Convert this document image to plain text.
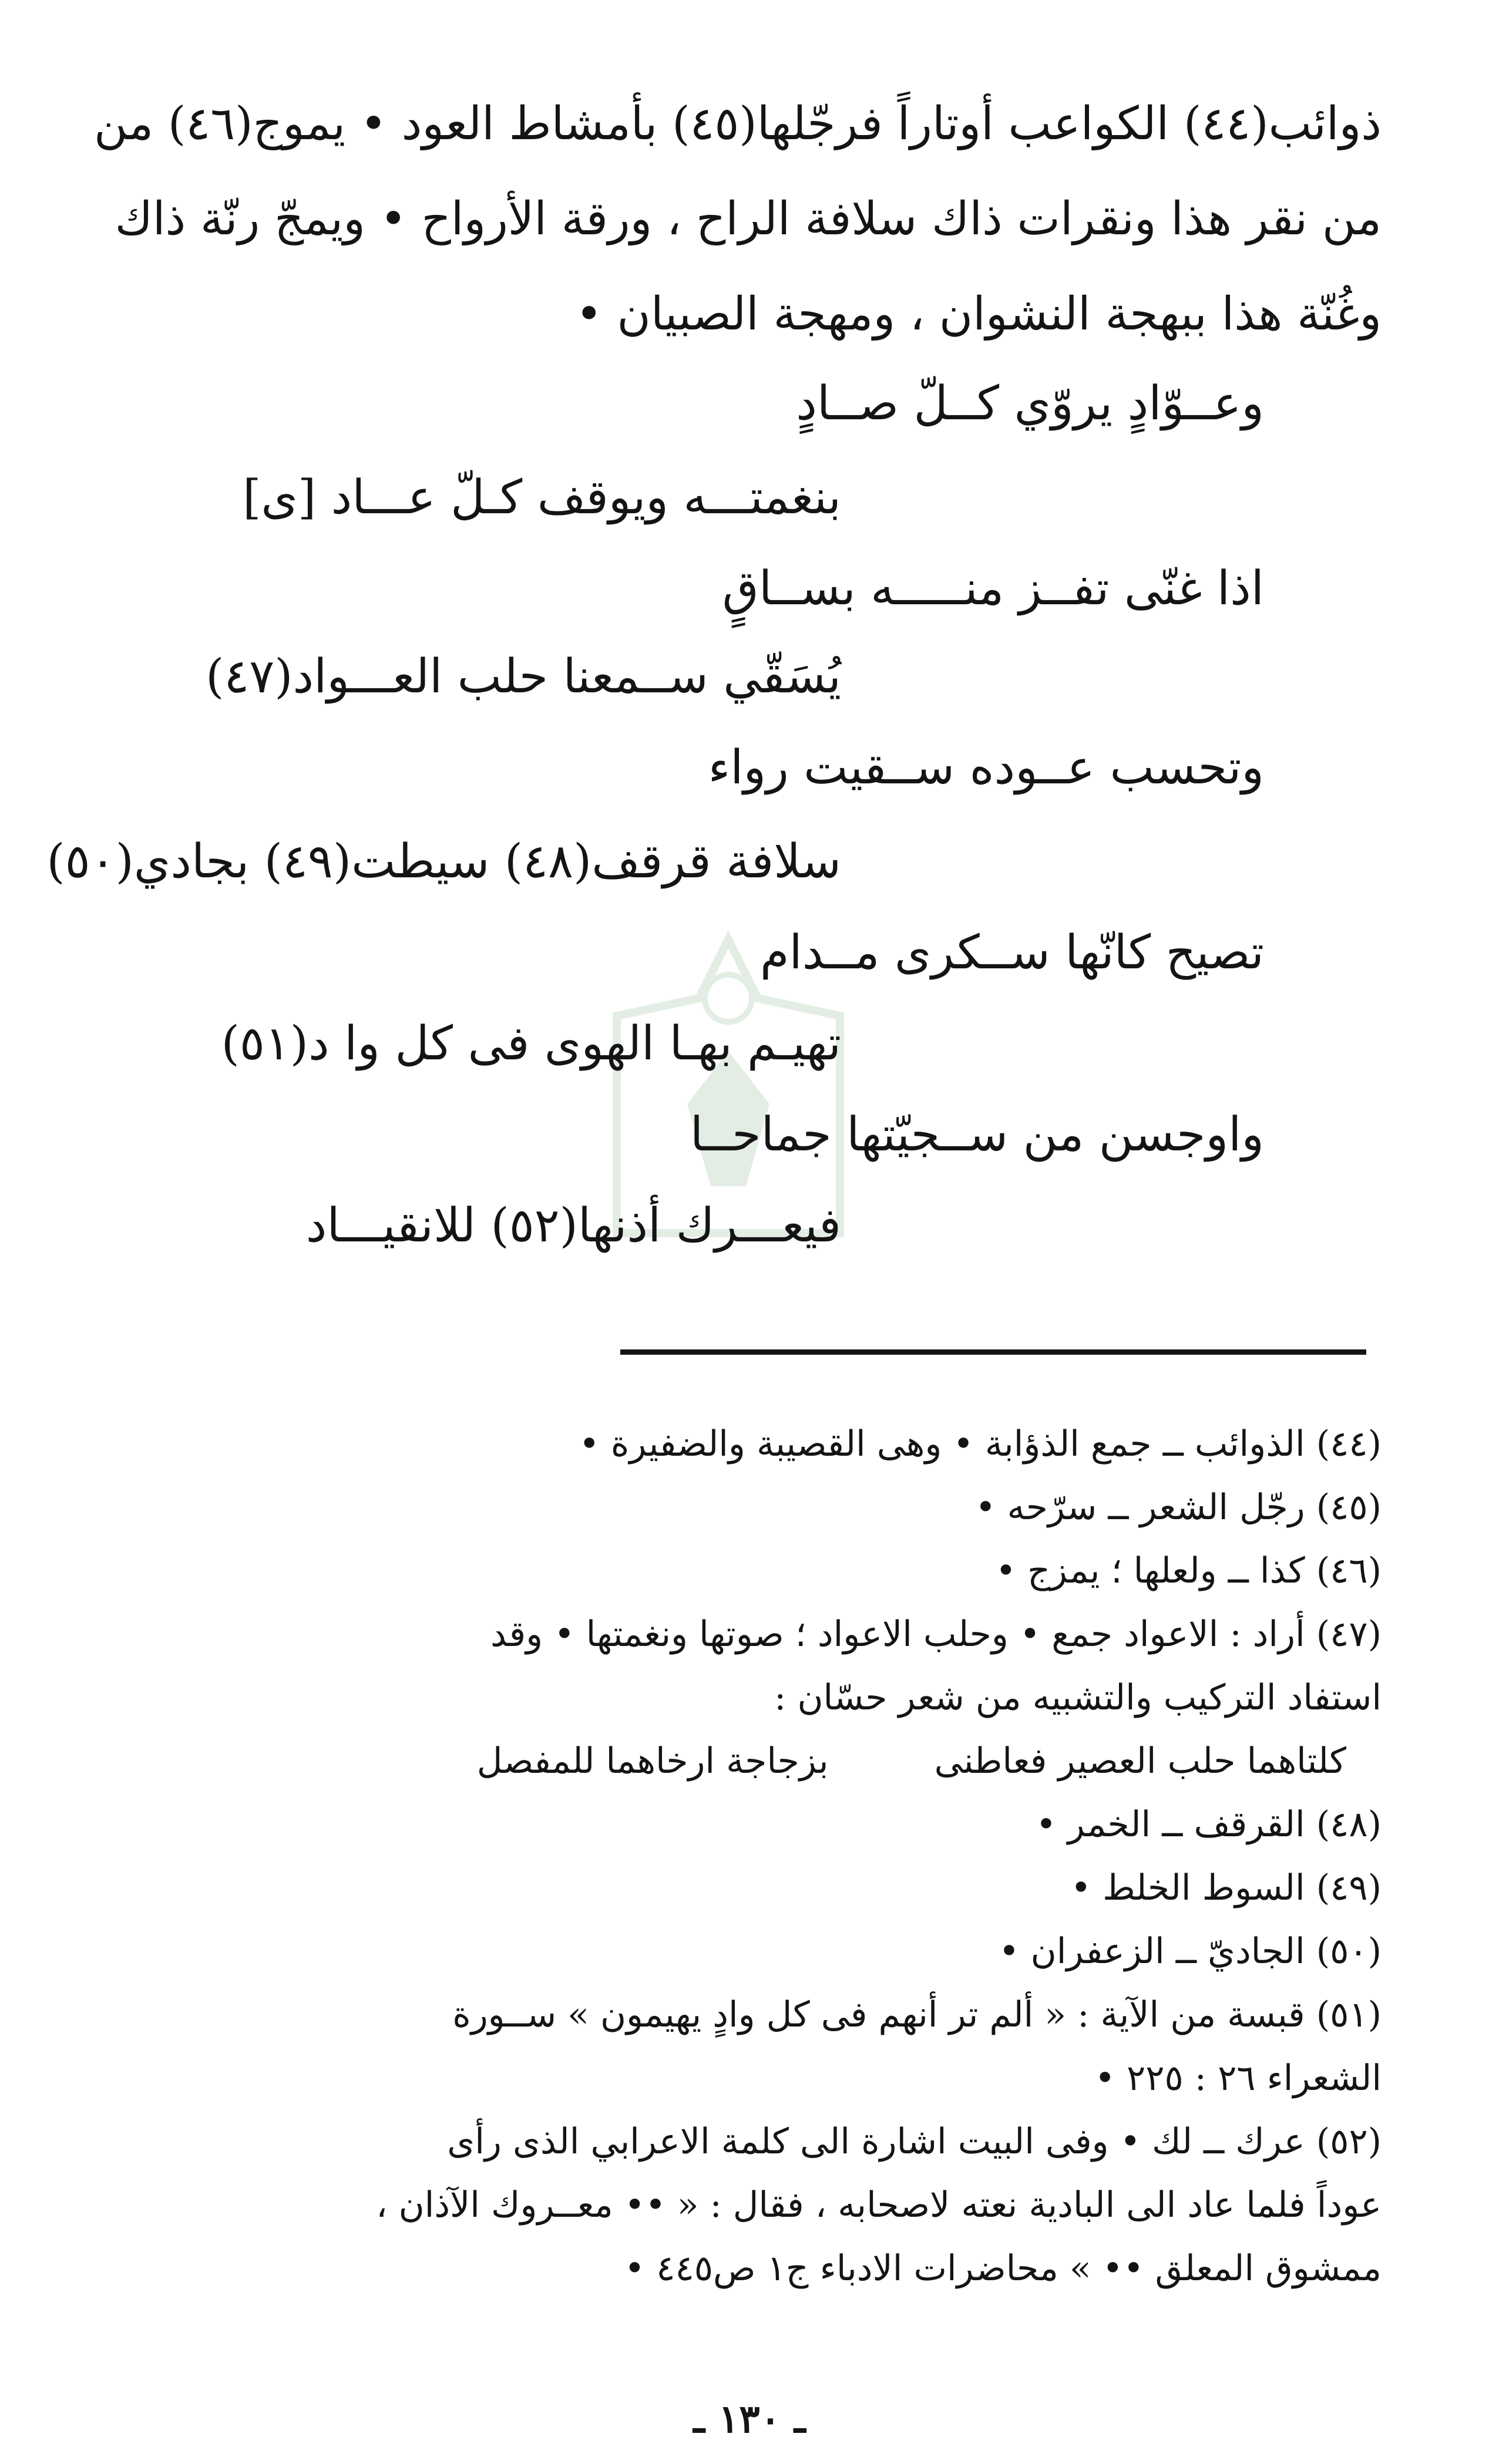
ذوائب(٤٤) الكواعب أوتاراً فرجّلها(٤٥) بأمشاط العود • يموج(٤٦) من

من نقر هذا ونقرات ذاك سلافة الراح ، ورقة الأرواح • ويمجّ رنّة ذاك

وغُنّة هذا ببهجة النشوان ، ومهجة الصبيان •

وعــوّادٍ يروّي كــلّ صــادٍ
بنغمتـــه ويوقف كـلّ عـــاد [ى]
اذا غنّى تفــز منـــــه بســاقٍ
يُسَقّي ســمعنا حلب العـــواد(٤٧)
وتحسب عــوده ســقيت رواء
سلافة قرقف(٤٨) سيطت(٤٩) بجادي(٥٠)
تصيح كانّها ســكرى مــدام
تهيـم بهـا الهوى فى كل وا د(٥١)
واوجسن من ســجيّتها جماحــا
فيعـــرك أذنها(٥٢) للانقيـــاد

(٤٤) الذوائب ــ جمع الذؤابة • وهى القصيبة والضفيرة •

(٤٥) رجّل الشعر ــ سرّحه •

(٤٦) كذا ــ ولعلها ؛ يمزج •

(٤٧) أراد : الاعواد جمع • وحلب الاعواد ؛ صوتها ونغمتها • وقد

استفاد التركيب والتشبيه من شعر حسّان :

كلتاهما حلب العصير فعاطنى
بزجاجة ارخاهما للمفصل

(٤٨) القرقف ــ الخمر •

(٤٩) السوط الخلط •

(٥٠) الجاديّ ــ الزعفران •

(٥١) قبسة من الآية : « ألم تر أنهم فى كل وادٍ يهيمون » ســورة

الشعراء ٢٦ : ٢٢٥ •

(٥٢) عرك ــ لك • وفى البيت اشارة الى كلمة الاعرابي الذى رأى

عوداً فلما عاد الى البادية نعته لاصحابه ، فقال : « •• معــروك الآذان ،

ممشوق المعلق •• » محاضرات الادباء ج١ ص٤٤٥ •

ـ ١٣٠ ـ
